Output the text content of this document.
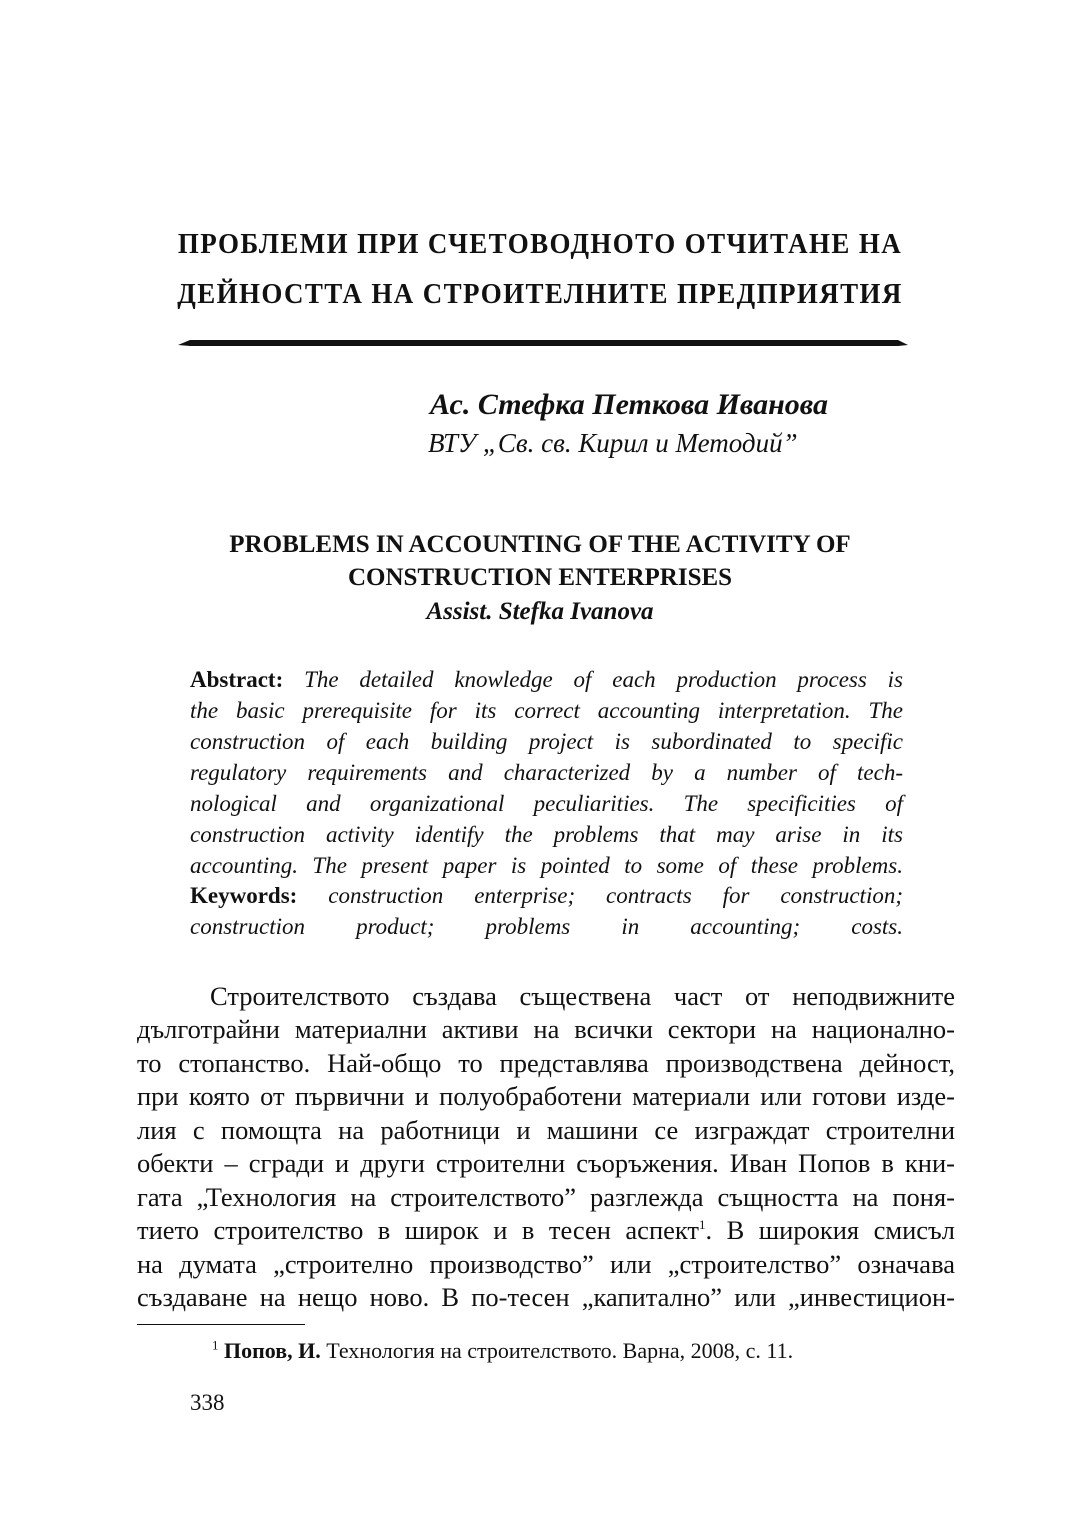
ПРОБЛЕМИ ПРИ СЧЕТОВОДНОТО ОТЧИТАНЕ НА
ДЕЙНОСТТА НА СТРОИТЕЛНИТЕ ПРЕДПРИЯТИЯ
Ас. Стефка Петкова Иванова
ВТУ „Св. св. Кирил и Методий”
PROBLEMS IN ACCOUNTING OF THE ACTIVITY OF
CONSTRUCTION ENTERPRISES
Assist. Stefka Ivanova
Abstract: The detailed knowledge of each production process is
the basic prerequisite for its correct accounting interpretation. The
construction of each building project is subordinated to specific
regulatory requirements and characterized by a number of tech-
nological and organizational peculiarities. The specificities of
construction activity identify the problems that may arise in its
accounting. The present paper is pointed to some of these problems.
Keywords: construction enterprise; contracts for construction;
construction product; problems in accounting; costs.
Строителството създава съществена част от неподвижните
дълготрайни материални активи на всички сектори на национално-
то стопанство. Най-общо то представлява производствена дейност,
при която от първични и полуобработени материали или готови изде-
лия с помощта на работници и машини се изграждат строителни
обекти – сгради и други строителни съоръжения. Иван Попов в кни-
гата „Технология на строителството” разглежда същността на поня-
тието строителство в широк и в тесен аспект$^1$. В широкия смисъл
на думата „строително производство” или „строителство” означава
създаване на нещо ново. В по-тесен „капитално” или „инвестицион-
$^1$ Попов, И. Технология на строителството. Варна, 2008, с. 11.
338
